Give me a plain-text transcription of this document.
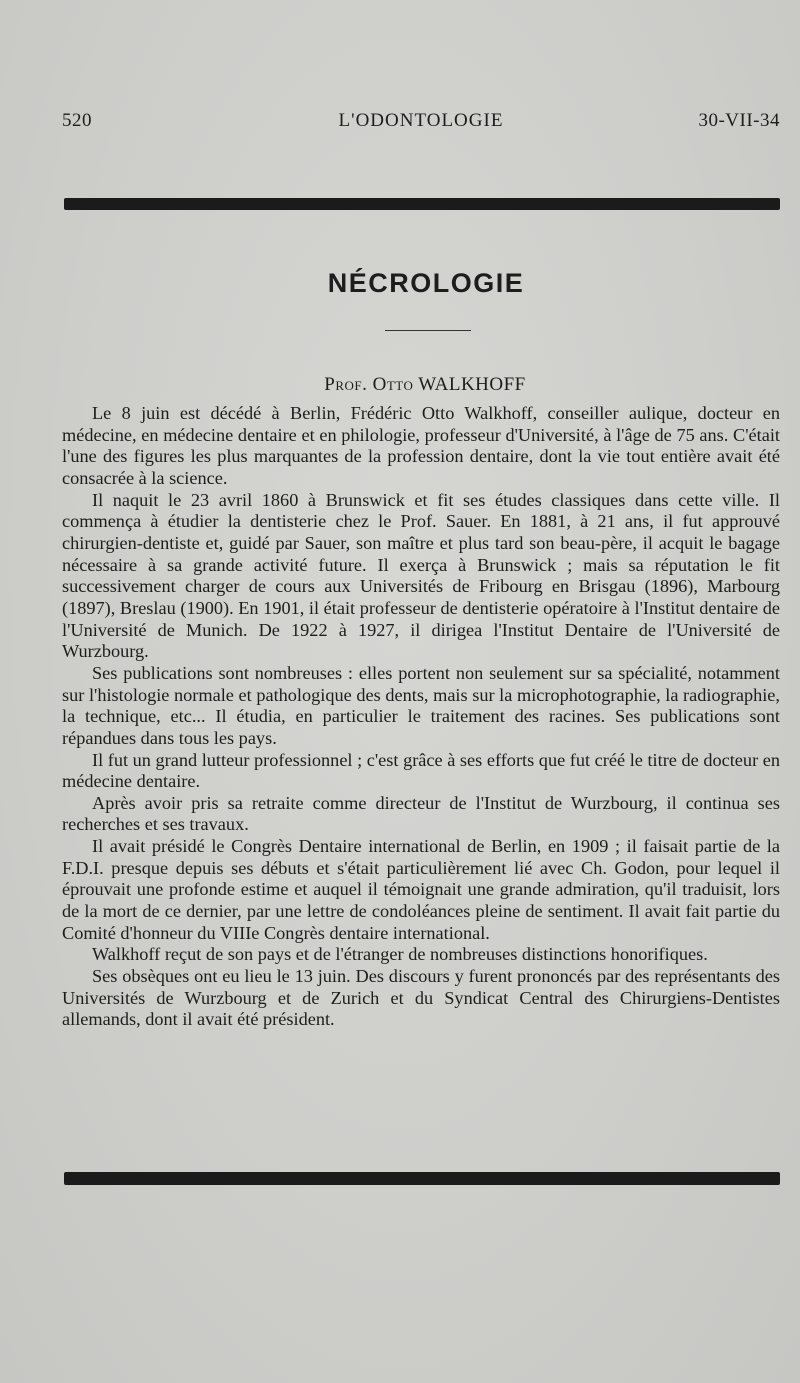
520	L'ODONTOLOGIE	30-VII-34
NÉCROLOGIE
Prof. Otto WALKHOFF

Le 8 juin est décédé à Berlin, Frédéric Otto Walkhoff, conseiller aulique, docteur en médecine, en médecine dentaire et en philologie, professeur d'Université, à l'âge de 75 ans. C'était l'une des figures les plus marquantes de la profession dentaire, dont la vie tout entière avait été consacrée à la science.

Il naquit le 23 avril 1860 à Brunswick et fit ses études classiques dans cette ville. Il commença à étudier la dentisterie chez le Prof. Sauer. En 1881, à 21 ans, il fut approuvé chirurgien-dentiste et, guidé par Sauer, son maître et plus tard son beau-père, il acquit le bagage nécessaire à sa grande activité future. Il exerça à Brunswick ; mais sa réputation le fit successivement charger de cours aux Universités de Fribourg en Brisgau (1896), Marbourg (1897), Breslau (1900). En 1901, il était professeur de dentisterie opératoire à l'Institut dentaire de l'Université de Munich. De 1922 à 1927, il dirigea l'Institut Dentaire de l'Université de Wurzbourg.

Ses publications sont nombreuses : elles portent non seulement sur sa spécialité, notamment sur l'histologie normale et pathologique des dents, mais sur la microphotographie, la radiographie, la technique, etc... Il étudia, en particulier le traitement des racines. Ses publications sont répandues dans tous les pays.

Il fut un grand lutteur professionnel ; c'est grâce à ses efforts que fut créé le titre de docteur en médecine dentaire.

Après avoir pris sa retraite comme directeur de l'Institut de Wurzbourg, il continua ses recherches et ses travaux.

Il avait présidé le Congrès Dentaire international de Berlin, en 1909 ; il faisait partie de la F.D.I. presque depuis ses débuts et s'était particulièrement lié avec Ch. Godon, pour lequel il éprouvait une profonde estime et auquel il témoignait une grande admiration, qu'il traduisit, lors de la mort de ce dernier, par une lettre de condoléances pleine de sentiment. Il avait fait partie du Comité d'honneur du VIIIe Congrès dentaire international.

Walkhoff reçut de son pays et de l'étranger de nombreuses distinctions honorifiques.

Ses obsèques ont eu lieu le 13 juin. Des discours y furent prononcés par des représentants des Universités de Wurzbourg et de Zurich et du Syndicat Central des Chirurgiens-Dentistes allemands, dont il avait été président.
